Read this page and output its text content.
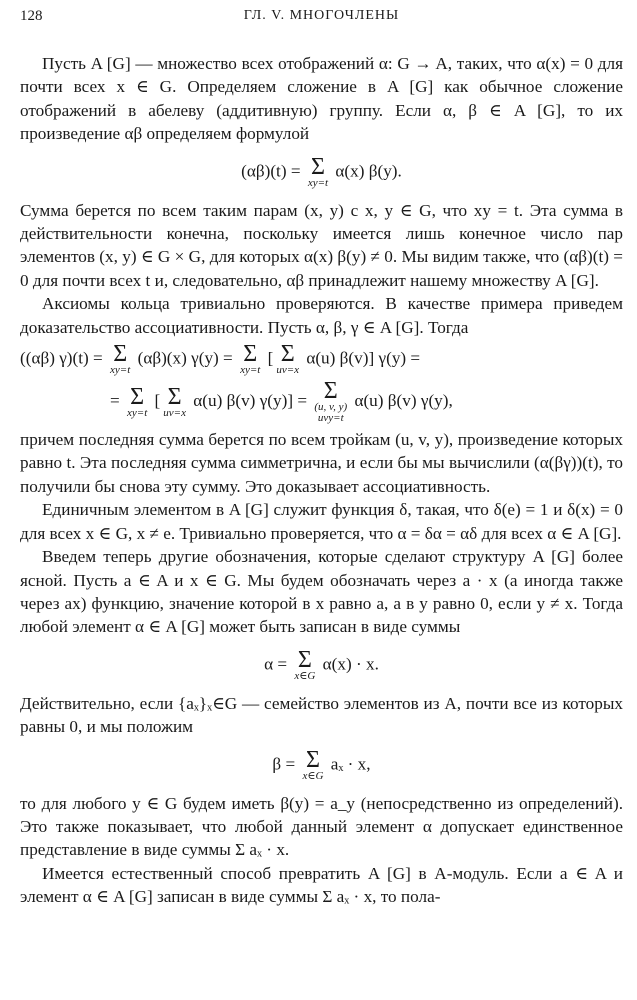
128	ГЛ. V. МНОГОЧЛЕНЫ

Пусть A [G] — множество всех отображений α: G → A, таких, что α(x) = 0 для почти всех x ∈ G. Определяем сложение в A [G] как обычное сложение отображений в абелеву (аддитивную) группу. Если α, β ∈ A [G], то их произведение αβ определяем формулой

(αβ)(t) = Σ
xy=t
α(x) β(y).

Сумма берется по всем таким парам (x, y) с x, y ∈ G, что xy = t. Эта сумма в действительности конечна, поскольку имеется лишь конечное число пар элементов (x, y) ∈ G × G, для которых α(x) β(y) ≠ 0. Мы видим также, что (αβ)(t) = 0 для почти всех t и, следовательно, αβ принадлежит нашему множеству A [G].

Аксиомы кольца тривиально проверяются. В качестве примера приведем доказательство ассоциативности. Пусть α, β, γ ∈ A [G]. Тогда

((αβ) γ)(t) = Σ
xy=t
(αβ)(x) γ(y) = Σ
xy=t
[ Σ
uv=x
α(u) β(v)] γ(y) =
= Σ
xy=t
[ Σ
uv=x
α(u) β(v) γ(y)] = Σ
(u, v, y)
uvy=t
α(u) β(v) γ(y),

причем последняя сумма берется по всем тройкам (u, v, y), произведение которых равно t. Эта последняя сумма симметрична, и если бы мы вычислили (α(βγ))(t), то получили бы снова эту сумму. Это доказывает ассоциативность.

Единичным элементом в A [G] служит функция δ, такая, что δ(e) = 1 и δ(x) = 0 для всех x ∈ G, x ≠ e. Тривиально проверяется, что α = δα = αδ для всех α ∈ A [G].

Введем теперь другие обозначения, которые сделают структуру A [G] более ясной. Пусть a ∈ A и x ∈ G. Мы будем обозначать через a · x (а иногда также через ax) функцию, значение которой в x равно a, а в y равно 0, если y ≠ x. Тогда любой элемент α ∈ A [G] может быть записан в виде суммы

α = Σ
x∈G
α(x) · x.

Действительно, если {aₓ}ₓ∈G — семейство элементов из A, почти все из которых равны 0, и мы положим

β = Σ
x∈G
aₓ · x,

то для любого y ∈ G будем иметь β(y) = a_y (непосредственно из определений). Это также показывает, что любой данный элемент α допускает единственное представление в виде суммы Σ aₓ · x.

Имеется естественный способ превратить A [G] в A-модуль. Если a ∈ A и элемент α ∈ A [G] записан в виде суммы Σ aₓ · x, то пола-
